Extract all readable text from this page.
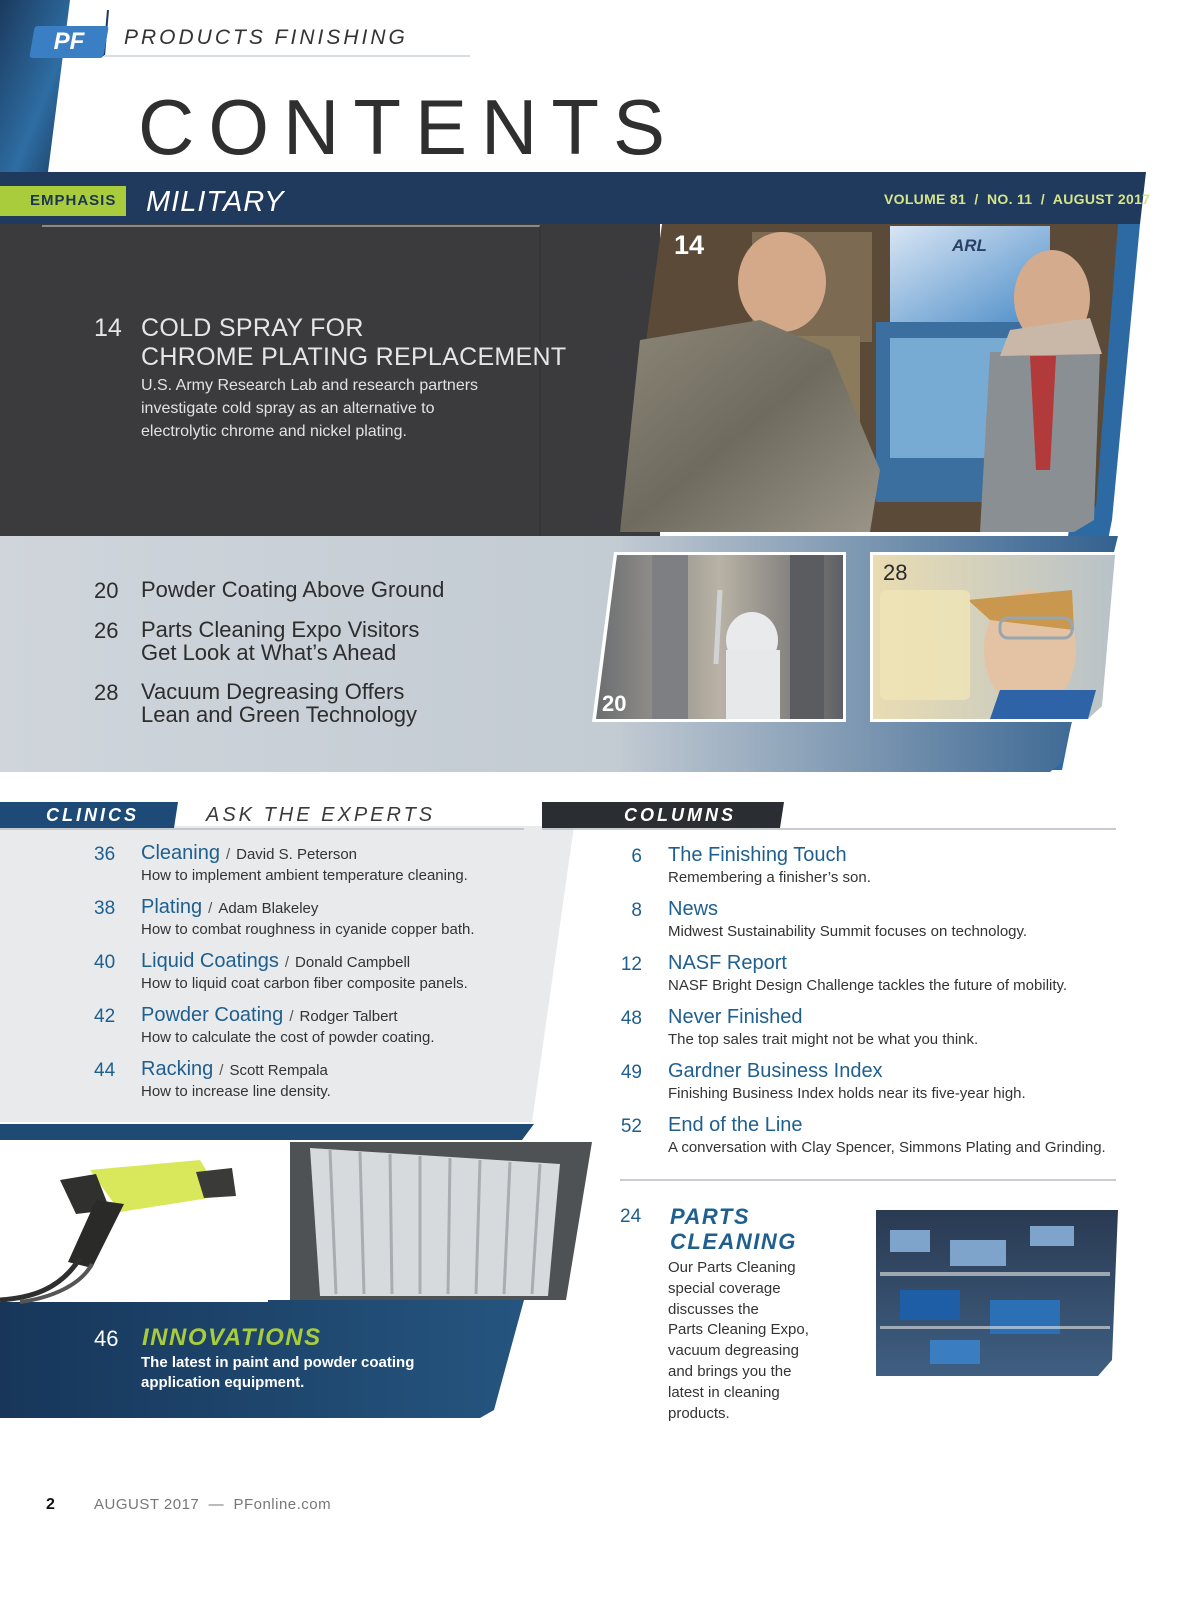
PF	PRODUCTS FINISHING
CONTENTS
EMPHASIS	MILITARY	VOLUME 81  /  NO. 11  /  AUGUST 2017
14 COLD SPRAY FOR
CHROME PLATING REPLACEMENT
U.S. Army Research Lab and research partners
investigate cold spray as an alternative to
electrolytic chrome and nickel plating.
14	ARL
20 Powder Coating Above Ground
26 Parts Cleaning Expo Visitors
Get Look at What’s Ahead
28 Vacuum Degreasing Offers
Lean and Green Technology	20
28
CLINICS	ASK THE EXPERTS
36 Cleaning / David S. Peterson
How to implement ambient temperature cleaning.
38 Plating / Adam Blakeley
How to combat roughness in cyanide copper bath.
40 Liquid Coatings / Donald Campbell
How to liquid coat carbon fiber composite panels.
42 Powder Coating / Rodger Talbert
How to calculate the cost of powder coating.
44 Racking / Scott Rempala
How to increase line density.
COLUMNS
6 The Finishing Touch
Remembering a finisher’s son.
8 News
Midwest Sustainability Summit focuses on technology.
12 NASF Report
NASF Bright Design Challenge tackles the future of mobility.
48 Never Finished
The top sales trait might not be what you think.
49 Gardner Business Index
Finishing Business Index holds near its five-year high.
52 End of the Line
A conversation with Clay Spencer, Simmons Plating and Grinding.
46 INNOVATIONS
The latest in paint and powder coating
application equipment.
24 PARTS
CLEANING
Our Parts Cleaning
special coverage
discusses the
Parts Cleaning Expo,
vacuum degreasing
and brings you the
latest in cleaning
products.
2	AUGUST 2017  —  PFonline.com
